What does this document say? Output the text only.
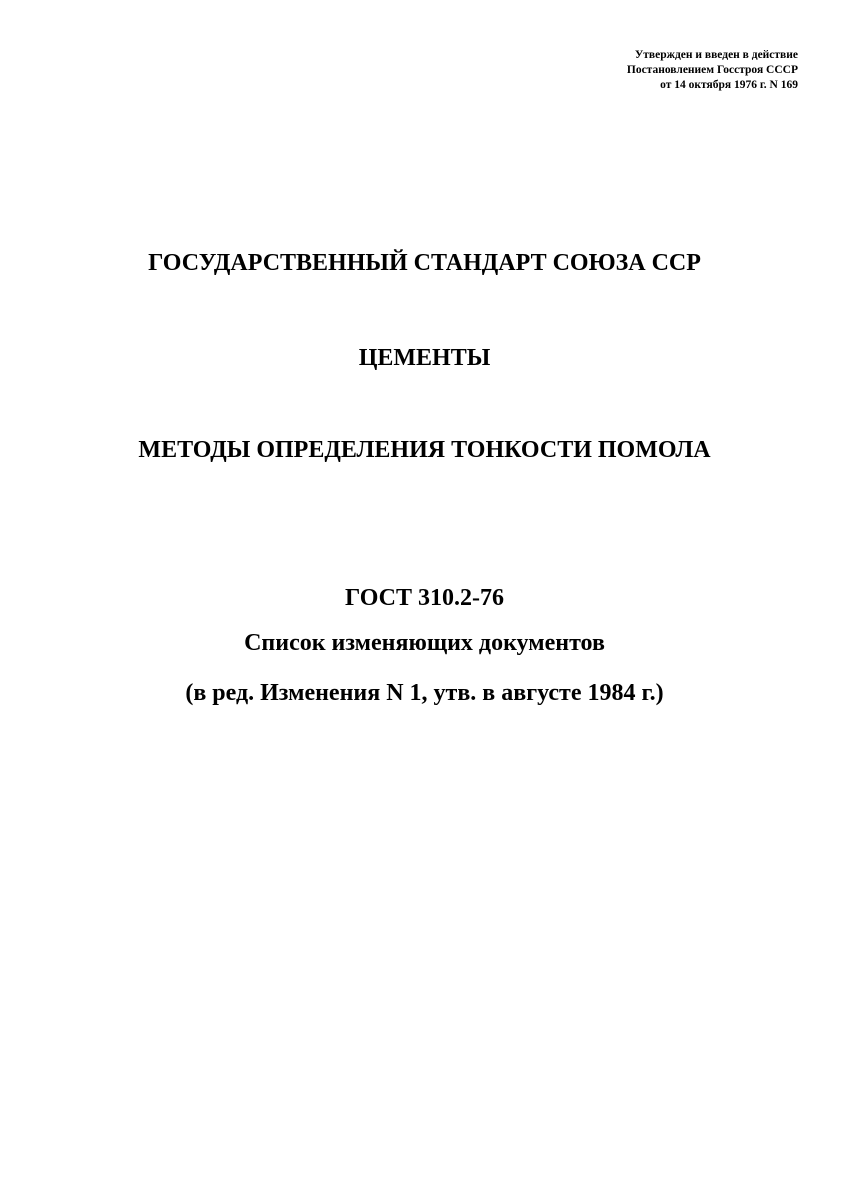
Утвержден и введен в действие
Постановлением Госстроя СССР
от 14 октября 1976 г. N 169
ГОСУДАРСТВЕННЫЙ СТАНДАРТ СОЮЗА ССР
ЦЕМЕНТЫ
МЕТОДЫ ОПРЕДЕЛЕНИЯ ТОНКОСТИ ПОМОЛА
ГОСТ 310.2-76
Список изменяющих документов
(в ред. Изменения N 1, утв. в августе 1984 г.)
